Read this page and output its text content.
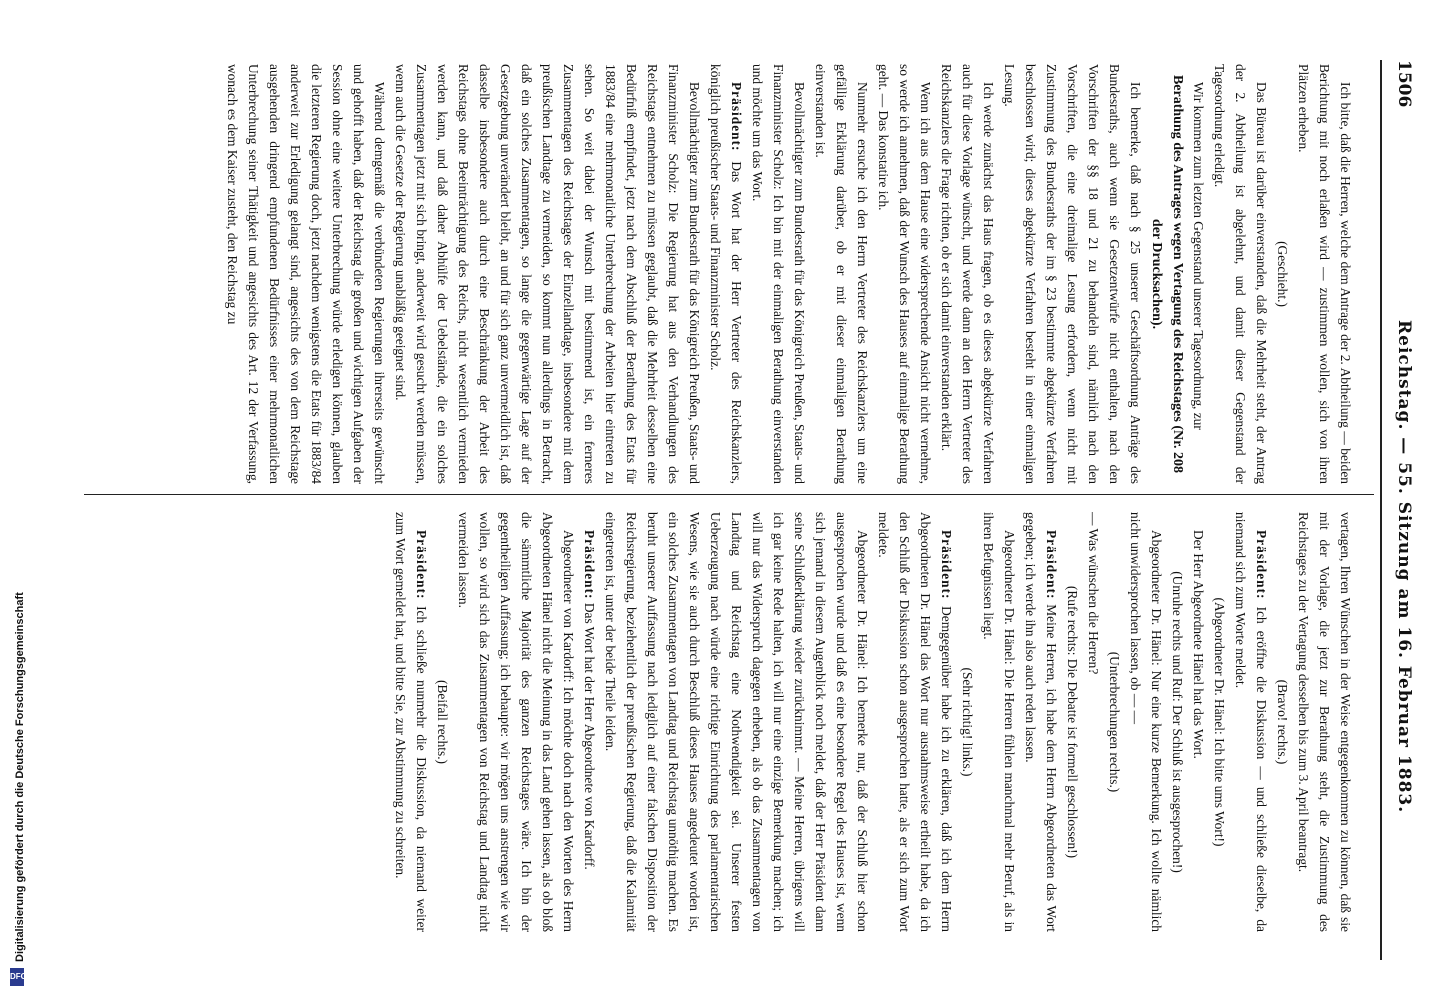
1506
Reichstag. — 55. Sitzung am 16. Februar 1883.

Ich bitte, daß die Herren, welche dem Antrage der 2. Abtheilung — beiden Berichtung mit noch erlaßen wird — zustimmen wollen, sich von ihren Plätzen erheben.

(Geschieht.)

Das Büreau ist darüber einverstanden, daß die Mehrheit steht, der Antrag der 2. Abtheilung ist abgelehnt, und damit dieser Gegenstand der Tagesordnung erledigt.

Wir kommen zum letzten Gegenstand unserer Tagesordnung, zur

Berathung des Antrages wegen Vertagung des Reichstages (Nr. 208 der Drucksachen).

Ich bemerke, daß nach § 25 unserer Geschäftsordnung Anträge des Bundesraths, auch wenn sie Gesetzentwürfe nicht enthalten, nach den Vorschriften der §§ 18 und 21 zu behandeln sind, nämlich nach den Vorschriften, die eine dreimalige Lesung erfordern, wenn nicht mit Zustimmung des Bundesraths der im § 23 bestimmte abgekürzte Verfahren beschlossen wird; dieses abgekürzte Verfahren besteht in einer einmaligen Lesung.

Ich werde zunächst das Haus fragen, ob es dieses abgekürzte Verfahren auch für diese Vorlage wünscht, und werde dann an den Herrn Vertreter des Reichskanzlers die Frage richten, ob er sich damit einverstanden erklärt.

Wenn ich aus dem Hause eine widersprechende Ansicht nicht vernehme, so werde ich annehmen, daß der Wunsch des Hauses auf einmalige Berathung geht. — Das konstatire ich.

Nunmehr ersuche ich den Herrn Vertreter des Reichskanzlers um eine gefällige Erklärung darüber, ob er mit dieser einmaligen Berathung einverstanden ist.

Bevollmächtigter zum Bundesrath für das Königreich Preußen, Staats- und Finanzminister Scholz: Ich bin mit der einmaligen Berathung einverstanden und möchte um das Wort.

Präsident: Das Wort hat der Herr Vertreter des Reichskanzlers, königlich preußischer Staats- und Finanzminister Scholz.

Bevollmächtigter zum Bundesrath für das Königreich Preußen, Staats- und Finanzminister Scholz: Die Regierung hat aus den Verhandlungen des Reichstags entnehmen zu müssen geglaubt, daß die Mehrheit desselben eine Bedürfniß empfindet, jetzt nach dem Abschluß der Berathung des Etats für 1883/84 eine mehrmonatliche Unterbrechung der Arbeiten hier eintreten zu sehen. So weit dabei der Wunsch mit bestimmend ist, ein ferneres Zusammentagen des Reichstages der Einzellandtage, insbesondere mit dem preußischen Landtage zu vermeiden, so kommt nun allerdings in Betracht, daß ein solches Zusammentagen, so lange die gegenwärtige Lage auf der Gesetzgebung unverändert bleibt, an und für sich ganz unvermeidlich ist, daß dasselbe insbesondere auch durch eine Beschränkung der Arbeit des Reichstags ohne Beeinträchtigung des Reichs, nicht wesentlich vermieden werden kann, und daß daher Abhülfe der Uebelstände, die ein solches Zusammentagen jetzt mit sich bringt, anderweit wird gesucht werden müssen, wenn auch die Gesetze der Regierung unabläßig geeignet sind.

Während demgemäß die verbündeten Regierungen ihrerseits gewünscht und gehofft haben, daß der Reichstag die großen und wichtigen Aufgaben der Session ohne eine weitere Unterbrechung würde erledigen können, glauben die letzteren Regierung doch, jetzt nachdem wenigstens die Etats für 1883/84 anderweit zur Erledigung gelangt sind, angesichts des von dem Reichstage ausgehenden dringend empfundenen Bedürfnisses einer mehrmonatlichen Unterbrechung seiner Thätigkeit und angesichts des Art. 12 der Verfassung, wonach es dem Kaiser zusteht, den Reichstag zu

vertagen, Ihren Wünschen in der Weise entgegenkommen zu können, daß sie mit der Vorlage, die jetzt zur Berathung steht, die Zustimmung des Reichstages zu der Vertagung desselben bis zum 3. April beantragt.

(Bravo! rechts.)

Präsident: Ich eröffne die Diskussion — und schließe dieselbe, da niemand sich zum Worte meldet.

(Abgeordneter Dr. Hänel: Ich bitte ums Wort!)

Der Herr Abgeordnete Hänel hat das Wort.

(Unruhe rechts und Ruf: Der Schluß ist ausgesprochen!)

Abgeordneter Dr. Hänel: Nur eine kurze Bemerkung. Ich wollte nämlich nicht unwidersprochen lassen, ob — —

(Unterbrechungen rechts.)

— Was wünschen die Herren?

(Rufe rechts: Die Debatte ist formell geschlossen!)

Präsident: Meine Herren, ich habe dem Herrn Abgeordneten das Wort gegeben; ich werde ihn also auch reden lassen.

Abgeordneter Dr. Hänel: Die Herren fühlen manchmal mehr Beruf, als in ihren Befugnissen liegt.

(Sehr richtig! links.)

Präsident: Demgegenüber habe ich zu erklären, daß ich dem Herrn Abgeordneten Dr. Hänel das Wort nur ausnahmsweise ertheilt habe, da ich den Schluß der Diskussion schon ausgesprochen hatte, als er sich zum Wort meldete.

Abgeordneter Dr. Hänel: Ich bemerke nur, daß der Schluß hier schon ausgesprochen wurde und daß es eine besondere Regel des Hauses ist, wenn sich jemand in diesem Augenblick noch meldet, daß der Herr Präsident dann seine Schlußerklärung wieder zurücknimmt. — Meine Herren, übrigens will ich gar keine Rede halten, ich will nur eine einzige Bemerkung machen; ich will nur das Widerspruch dagegen erheben, als ob das Zusammentagen von Landtag und Reichstag eine Nothwendigkeit sei. Unserer festen Ueberzeugung nach würde eine richtige Einrichtung des parlamentarischen Wesens, wie sie auch durch Beschluß dieses Hauses angedeutet worden ist, ein solches Zusammentagen von Landtag und Reichstag unnöthig machen. Es beruht unserer Auffassung nach lediglich auf einer falschen Disposition der Reichsregierung, beziehentlich der preußischen Regierung, daß die Kalamität eingetreten ist, unter der beide Theile leiden.

Präsident: Das Wort hat der Herr Abgeordnete von Kardorff.

Abgeordneter von Kardorff: Ich möchte doch nach den Worten des Herrn Abgeordneten Hänel nicht die Meinung in das Land gehen lassen, als ob bloß die sämmtliche Majorität des ganzen Reichstages wäre. Ich bin der gegentheiligen Auffassung; ich behaupte: wir mögen uns anstrengen wie wir wollen, so wird sich das Zusammentagen von Reichstag und Landtag nicht vermeiden lassen.

(Beifall rechts.)

Präsident: Ich schließe nunmehr die Diskussion, da niemand weiter zum Wort gemeldet hat, und bitte Sie, zur Abstimmung zu schreiten.

DFG
Digitalisierung gefördert durch die Deutsche Forschungsgemeinschaft
